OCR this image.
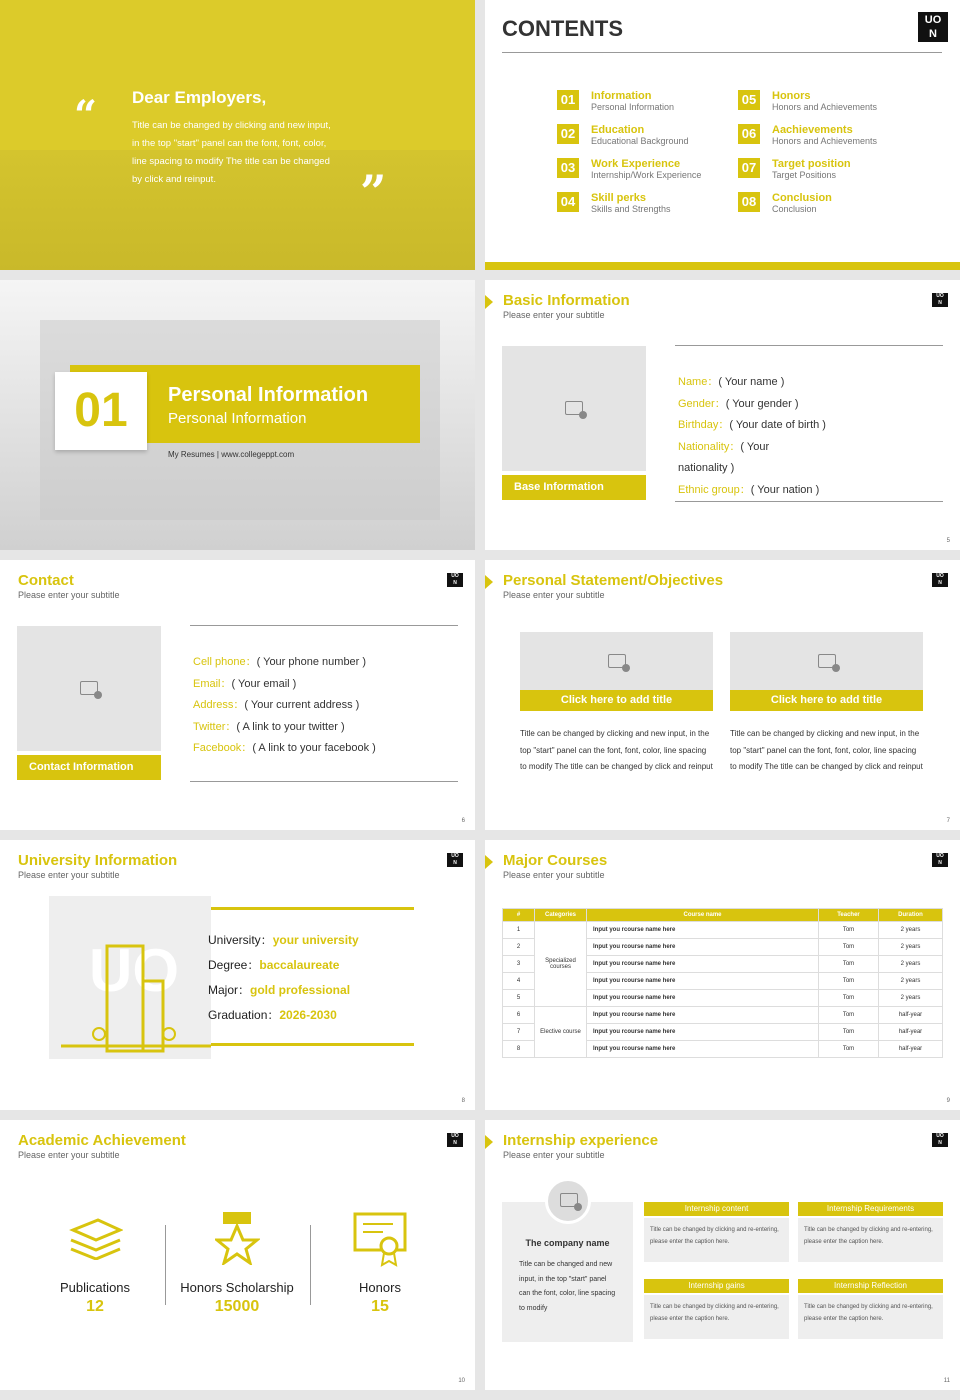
“ Dear Employers,
Title can be changed by clicking and new input, in the top "start" panel can the font, font, color, line spacing to modify The title can be changed by click and reinput.	”
CONTENTS	UO
N
01	Information
Personal Information
02	Education
Educational Background
03	Work Experience
Internship/Work Experience
04	Skill perks
Skills and Strengths
05	Honors
Honors and Achievements
06	Aachievements
Honors and Achievements
07	Target position
Target Positions
08	Conclusion
Conclusion
01	Personal Information
Personal Information
My Resumes | www.collegeppt.com
Basic Information
Please enter your subtitle
UO
N
Base Information
Name：( Your name )
Gender：( Your gender )
Birthday：( Your date of birth )
Nationality：( Your
nationality )
Ethnic group：( Your nation )
5
Contact
Please enter your subtitle
UO
N
Contact Information
Cell phone：( Your phone number )
Email：( Your email )
Address：( Your current address )
Twitter：( A link to your twitter )
Facebook：( A link to your facebook )
6
Personal Statement/Objectives
Please enter your subtitle
UO
N
Click here to add title
Title can be changed by clicking and new input, in the top "start" panel can the font, font, color, line spacing to modify The title can be changed by click and reinput
Click here to add title
Title can be changed by clicking and new input, in the top "start" panel can the font, font, color, line spacing to modify The title can be changed by click and reinput
7
University Information
Please enter your subtitle
UO
N
UO University：your university
Degree：baccalaureate
Major：gold professional
Graduation：2026-2030
8
Major Courses
Please enter your subtitle
UO
N
#	Categories	Course name	Teacher	Duration
1	Specialized courses	Input you rcourse name here	Tom	2 years
2		Input you rcourse name here	Tom	2 years
3		Input you rcourse name here	Tom	2 years
4		Input you rcourse name here	Tom	2 years
5		Input you rcourse name here	Tom	2 years
6	Elective course	Input you rcourse name here	Tom	half-year
7		Input you rcourse name here	Tom	half-year
8		Input you rcourse name here	Tom	half-year
9
Academic Achievement
Please enter your subtitle
UO
N
Publications
12
Honors Scholarship
15000
Honors
15
10
Internship experience
Please enter your subtitle
UO
N
The company name
Title can be changed and new input, in the top "start" panel can the font, color, line spacing to modify
Internship content
Title can be changed by clicking and re-entering, please enter the caption here.
Internship Requirements
Title can be changed by clicking and re-entering, please enter the caption here.
Internship gains
Title can be changed by clicking and re-entering, please enter the caption here.
Internship Reflection
Title can be changed by clicking and re-entering, please enter the caption here.
11
